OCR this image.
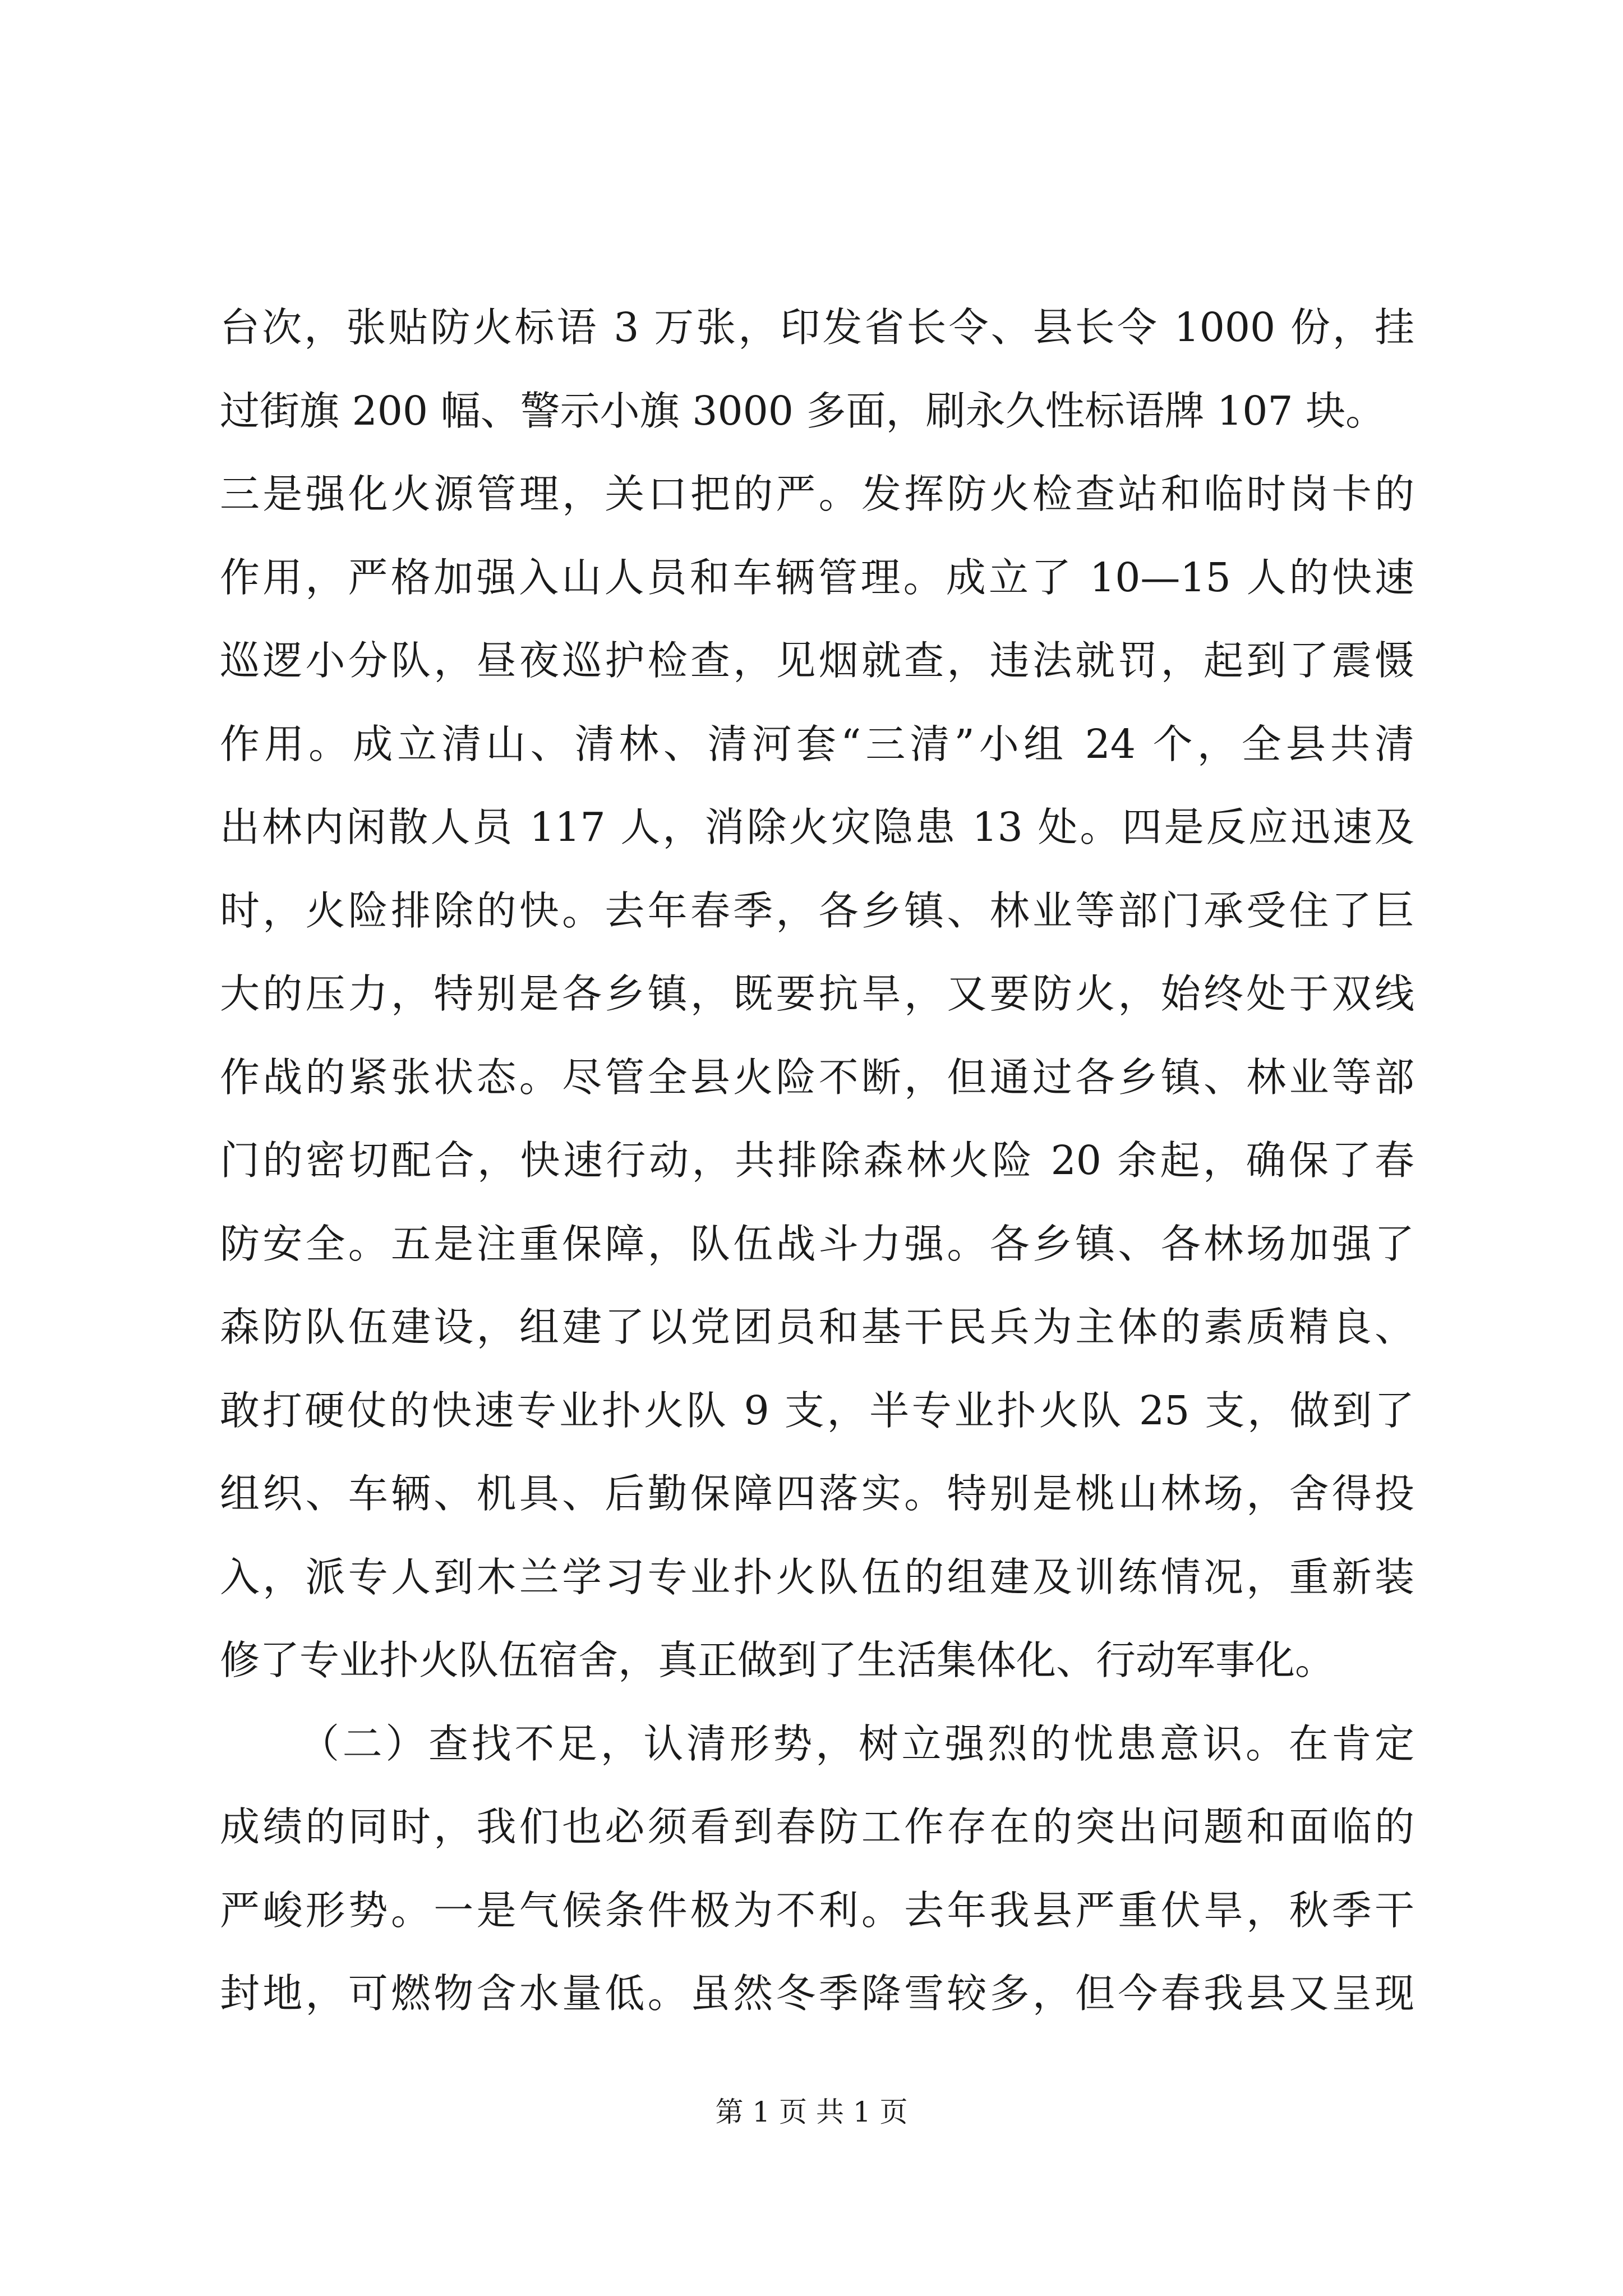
台次，张贴防火标语 3 万张，印发省长令、县长令 1000 份，挂
过街旗 200 幅、警示小旗 3000 多面，刷永久性标语牌 107 块。
三是强化火源管理，关口把的严。发挥防火检查站和临时岗卡的
作用，严格加强入山人员和车辆管理。成立了 10—15 人的快速
巡逻小分队，昼夜巡护检查，见烟就查，违法就罚，起到了震慑
作用。成立清山、清林、清河套“三清”小组 24 个，全县共清
出林内闲散人员 117 人，消除火灾隐患 13 处。四是反应迅速及
时，火险排除的快。去年春季，各乡镇、林业等部门承受住了巨
大的压力，特别是各乡镇，既要抗旱，又要防火，始终处于双线
作战的紧张状态。尽管全县火险不断，但通过各乡镇、林业等部
门的密切配合，快速行动，共排除森林火险 20 余起，确保了春
防安全。五是注重保障，队伍战斗力强。各乡镇、各林场加强了
森防队伍建设，组建了以党团员和基干民兵为主体的素质精良、
敢打硬仗的快速专业扑火队 9 支，半专业扑火队 25 支，做到了
组织、车辆、机具、后勤保障四落实。特别是桃山林场，舍得投
入，派专人到木兰学习专业扑火队伍的组建及训练情况，重新装
修了专业扑火队伍宿舍，真正做到了生活集体化、行动军事化。
（二）查找不足，认清形势，树立强烈的忧患意识。在肯定
成绩的同时，我们也必须看到春防工作存在的突出问题和面临的
严峻形势。一是气候条件极为不利。去年我县严重伏旱，秋季干
封地，可燃物含水量低。虽然冬季降雪较多，但今春我县又呈现
第 1 页 共 1 页
